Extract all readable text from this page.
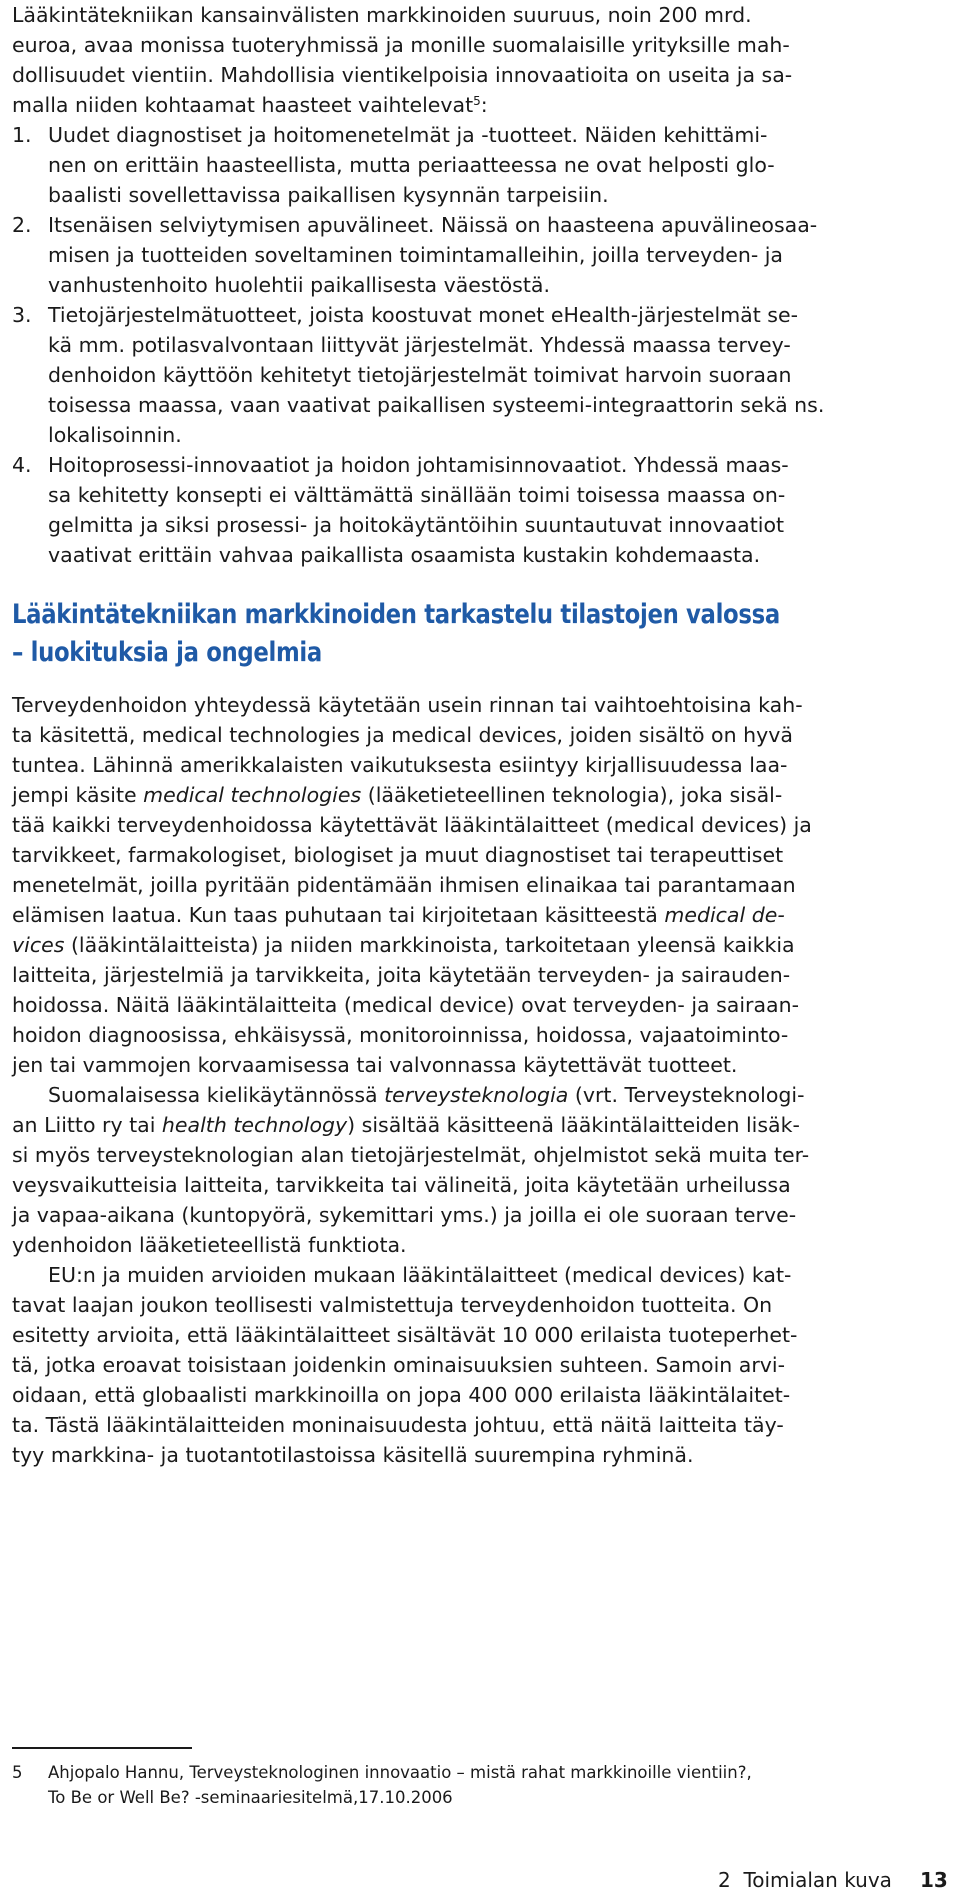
Lääkintätekniikan kansainvälisten markkinoiden suuruus, noin 200 mrd.
euroa, avaa monissa tuoteryhmissä ja monille suomalaisille yrityksille mah-
dollisuudet vientiin. Mahdollisia vientikelpoisia innovaatioita on useita ja sa-
malla niiden kohtaamat haasteet vaihtelevat$^5$:
1. Uudet diagnostiset ja hoitomenetelmät ja -tuotteet. Näiden kehittämi-
nen on erittäin haasteellista, mutta periaatteessa ne ovat helposti glo-
baalisti sovellettavissa paikallisen kysynnän tarpeisiin.
2. Itsenäisen selviytymisen apuvälineet. Näissä on haasteena apuvälineosaa-
misen ja tuotteiden soveltaminen toimintamalleihin, joilla terveyden- ja
vanhustenhoito huolehtii paikallisesta väestöstä.
3. Tietojärjestelmätuotteet, joista koostuvat monet eHealth-järjestelmät se-
kä mm. potilasvalvontaan liittyvät järjestelmät. Yhdessä maassa tervey-
denhoidon käyttöön kehitetyt tietojärjestelmät toimivat harvoin suoraan
toisessa maassa, vaan vaativat paikallisen systeemi-integraattorin sekä ns.
lokalisoinnin.
4. Hoitoprosessi-innovaatiot ja hoidon johtamisinnovaatiot. Yhdessä maas-
sa kehitetty konsepti ei välttämättä sinällään toimi toisessa maassa on-
gelmitta ja siksi prosessi- ja hoitokäytäntöihin suuntautuvat innovaatiot
vaativat erittäin vahvaa paikallista osaamista kustakin kohdemaasta.
Lääkintätekniikan markkinoiden tarkastelu tilastojen valossa
– luokituksia ja ongelmia
Terveydenhoidon yhteydessä käytetään usein rinnan tai vaihtoehtoisina kah-
ta käsitettä, medical technologies ja medical devices, joiden sisältö on hyvä
tuntea. Lähinnä amerikkalaisten vaikutuksesta esiintyy kirjallisuudessa laa-
jempi käsite medical technologies (lääketieteellinen teknologia), joka sisäl-
tää kaikki terveydenhoidossa käytettävät lääkintälaitteet (medical devices) ja
tarvikkeet, farmakologiset, biologiset ja muut diagnostiset tai terapeuttiset
menetelmät, joilla pyritään pidentämään ihmisen elinaikaa tai parantamaan
elämisen laatua. Kun taas puhutaan tai kirjoitetaan käsitteestä medical de-
vices (lääkintälaitteista) ja niiden markkinoista, tarkoitetaan yleensä kaikkia
laitteita, järjestelmiä ja tarvikkeita, joita käytetään terveyden- ja sairauden-
hoidossa. Näitä lääkintälaitteita (medical device) ovat terveyden- ja sairaan-
hoidon diagnoosissa, ehkäisyssä, monitoroinnissa, hoidossa, vajaatoiminto-
jen tai vammojen korvaamisessa tai valvonnassa käytettävät tuotteet.
Suomalaisessa kielikäytännössä terveysteknologia (vrt. Terveysteknologi-
an Liitto ry tai health technology) sisältää käsitteenä lääkintälaitteiden lisäk-
si myös terveysteknologian alan tietojärjestelmät, ohjelmistot sekä muita ter-
veysvaikutteisia laitteita, tarvikkeita tai välineitä, joita käytetään urheilussa
ja vapaa-aikana (kuntopyörä, sykemittari yms.) ja joilla ei ole suoraan terve-
ydenhoidon lääketieteellistä funktiota.
EU:n ja muiden arvioiden mukaan lääkintälaitteet (medical devices) kat-
tavat laajan joukon teollisesti valmistettuja terveydenhoidon tuotteita. On
esitetty arvioita, että lääkintälaitteet sisältävät 10 000 erilaista tuoteperhet-
tä, jotka eroavat toisistaan joidenkin ominaisuuksien suhteen. Samoin arvi-
oidaan, että globaalisti markkinoilla on jopa 400 000 erilaista lääkintälaitet-
ta. Tästä lääkintälaitteiden moninaisuudesta johtuu, että näitä laitteita täy-
tyy markkina- ja tuotantotilastoissa käsitellä suurempina ryhminä.
5 Ahjopalo Hannu, Terveysteknologinen innovaatio – mistä rahat markkinoille vientiin?,
To Be or Well Be? -seminaariesitelmä,17.10.2006
2  Toimialan kuva 13
